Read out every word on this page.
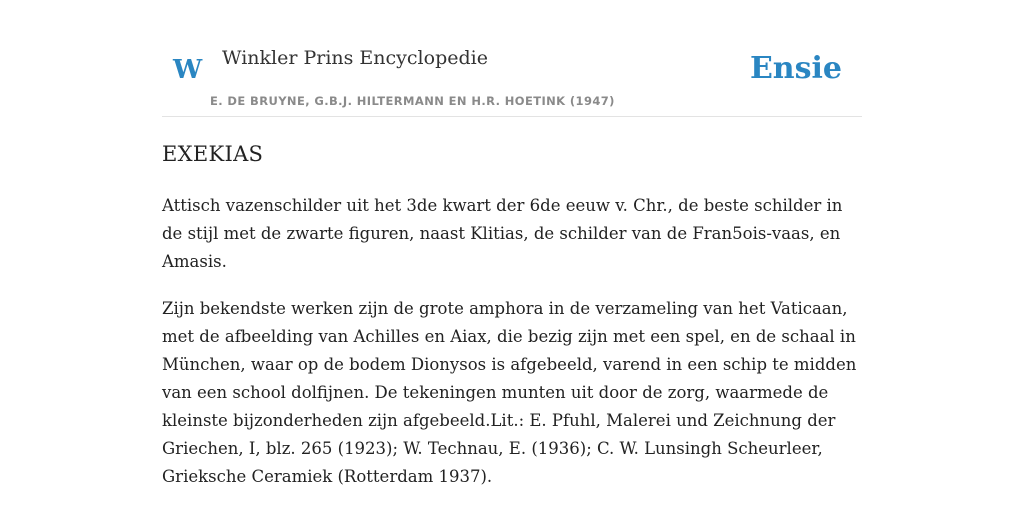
W Winkler Prins Encyclopedie
E. DE BRUYNE, G.B.J. HILTERMANN EN H.R. HOETINK (1947)
Ensie
EXEKIAS

Attisch vazenschilder uit het 3de kwart der 6de eeuw v. Chr., de beste schilder in de stijl met de zwarte figuren, naast Klitias, de schilder van de Fran5ois-vaas, en Amasis.

Zijn bekendste werken zijn de grote amphora in de verzameling van het Vaticaan, met de afbeelding van Achilles en Aiax, die bezig zijn met een spel, en de schaal in München, waar op de bodem Dionysos is afgebeeld, varend in een schip te midden van een school dolfijnen. De tekeningen munten uit door de zorg, waarmede de kleinste bijzonderheden zijn afgebeeld.Lit.: E. Pfuhl, Malerei und Zeichnung der Griechen, I, blz. 265 (1923); W. Technau, E. (1936); C. W. Lunsingh Scheurleer, Grieksche Ceramiek (Rotterdam 1937).
